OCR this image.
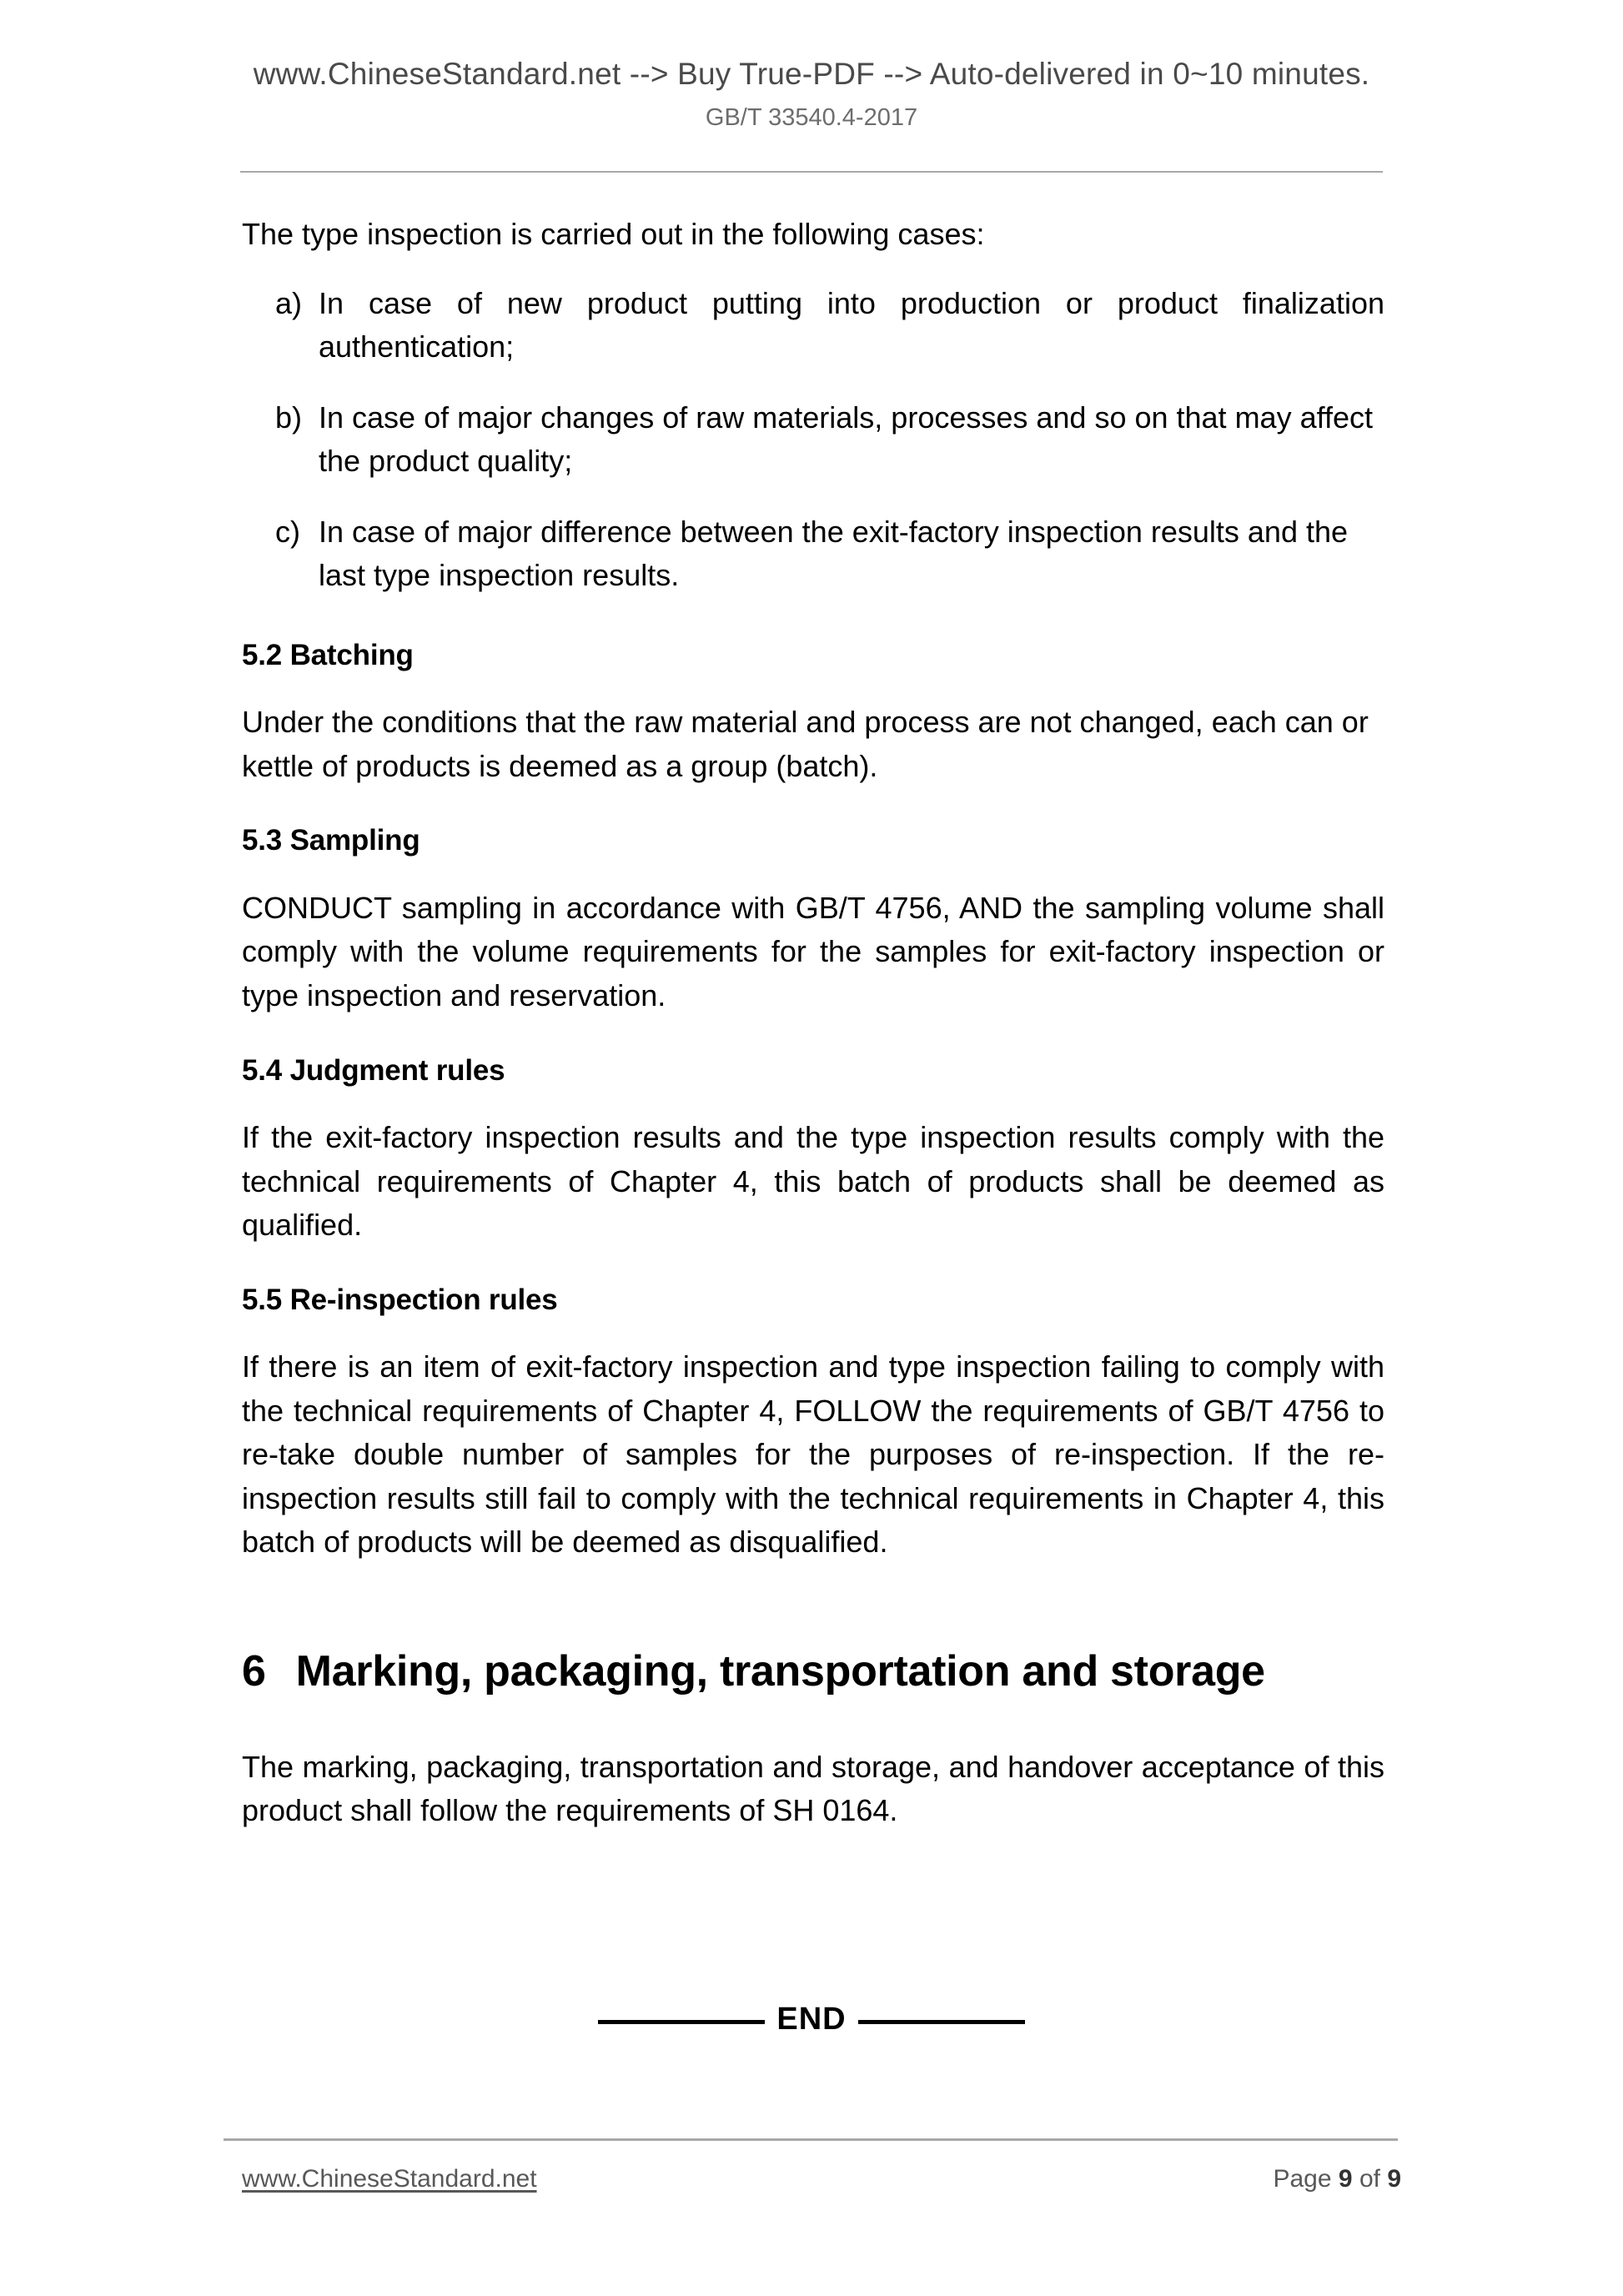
www.ChineseStandard.net --> Buy True-PDF --> Auto-delivered in 0~10 minutes.
GB/T 33540.4-2017

The type inspection is carried out in the following cases:

a) In case of new product putting into production or product finalization authentication;
b) In case of major changes of raw materials, processes and so on that may affect the product quality;
c) In case of major difference between the exit-factory inspection results and the last type inspection results.
5.2 Batching

Under the conditions that the raw material and process are not changed, each can or kettle of products is deemed as a group (batch).

5.3 Sampling

CONDUCT sampling in accordance with GB/T 4756, AND the sampling volume shall comply with the volume requirements for the samples for exit-factory inspection or type inspection and reservation.

5.4 Judgment rules

If the exit-factory inspection results and the type inspection results comply with the technical requirements of Chapter 4, this batch of products shall be deemed as qualified.

5.5 Re-inspection rules

If there is an item of exit-factory inspection and type inspection failing to comply with the technical requirements of Chapter 4, FOLLOW the requirements of GB/T 4756 to re-take double number of samples for the purposes of re-inspection. If the re-inspection results still fail to comply with the technical requirements in Chapter 4, this batch of products will be deemed as disqualified.

6 Marking, packaging, transportation and storage

The marking, packaging, transportation and storage, and handover acceptance of this product shall follow the requirements of SH 0164.

END
www.ChineseStandard.net	Page 9 of 9
